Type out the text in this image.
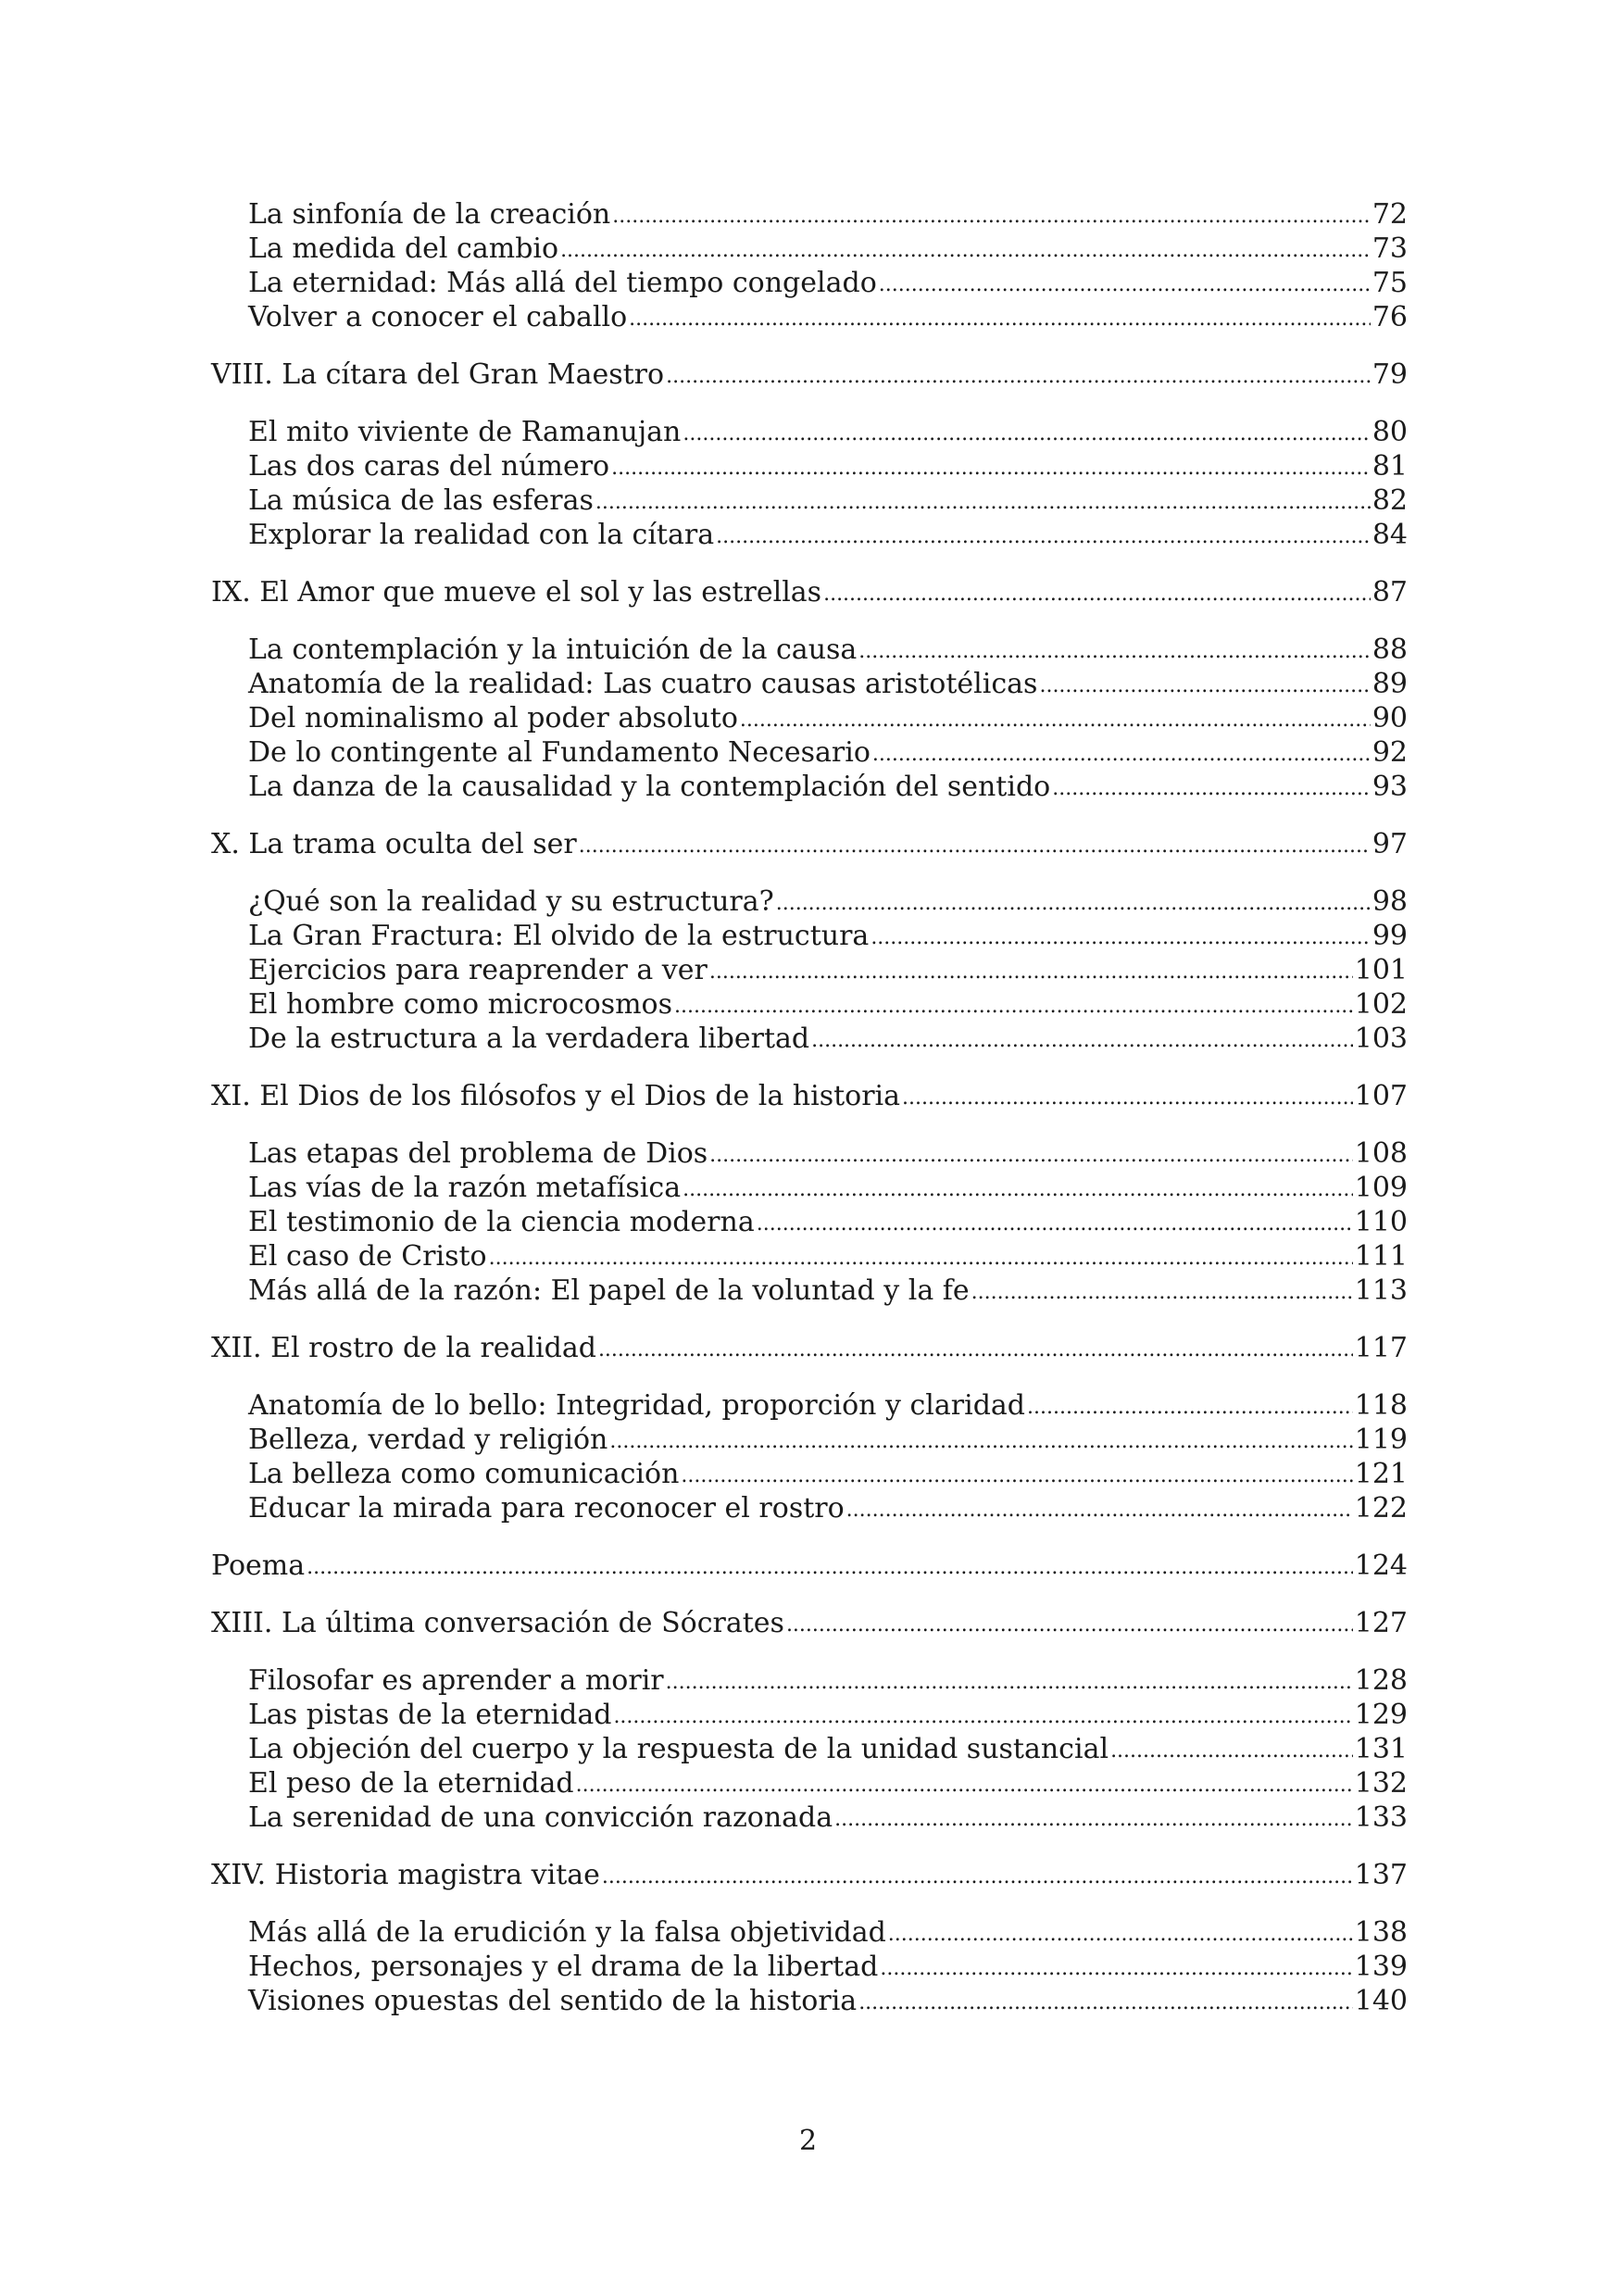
La sinfonía de la creación .....	72
La medida del cambio .....	73
La eternidad: Más allá del tiempo congelado .....	75
Volver a conocer el caballo .....	76
VIII. La cítara del Gran Maestro .....	79
El mito viviente de Ramanujan .....	80
Las dos caras del número .....	81
La música de las esferas .....	82
Explorar la realidad con la cítara .....	84
IX. El Amor que mueve el sol y las estrellas .....	87
La contemplación y la intuición de la causa .....	88
Anatomía de la realidad: Las cuatro causas aristotélicas .....	89
Del nominalismo al poder absoluto .....	90
De lo contingente al Fundamento Necesario .....	92
La danza de la causalidad y la contemplación del sentido .....	93
X. La trama oculta del ser .....	97
¿Qué son la realidad y su estructura? .....	98
La Gran Fractura: El olvido de la estructura .....	99
Ejercicios para reaprender a ver .....	101
El hombre como microcosmos .....	102
De la estructura a la verdadera libertad .....	103
XI. El Dios de los filósofos y el Dios de la historia .....	107
Las etapas del problema de Dios .....	108
Las vías de la razón metafísica .....	109
El testimonio de la ciencia moderna .....	110
El caso de Cristo .....	111
Más allá de la razón: El papel de la voluntad y la fe .....	113
XII. El rostro de la realidad .....	117
Anatomía de lo bello: Integridad, proporción y claridad .....	118
Belleza, verdad y religión .....	119
La belleza como comunicación .....	121
Educar la mirada para reconocer el rostro .....	122
Poema .....	124
XIII. La última conversación de Sócrates .....	127
Filosofar es aprender a morir .....	128
Las pistas de la eternidad .....	129
La objeción del cuerpo y la respuesta de la unidad sustancial .....	131
El peso de la eternidad .....	132
La serenidad de una convicción razonada .....	133
XIV. Historia magistra vitae .....	137
Más allá de la erudición y la falsa objetividad .....	138
Hechos, personajes y el drama de la libertad .....	139
Visiones opuestas del sentido de la historia .....	140
2
